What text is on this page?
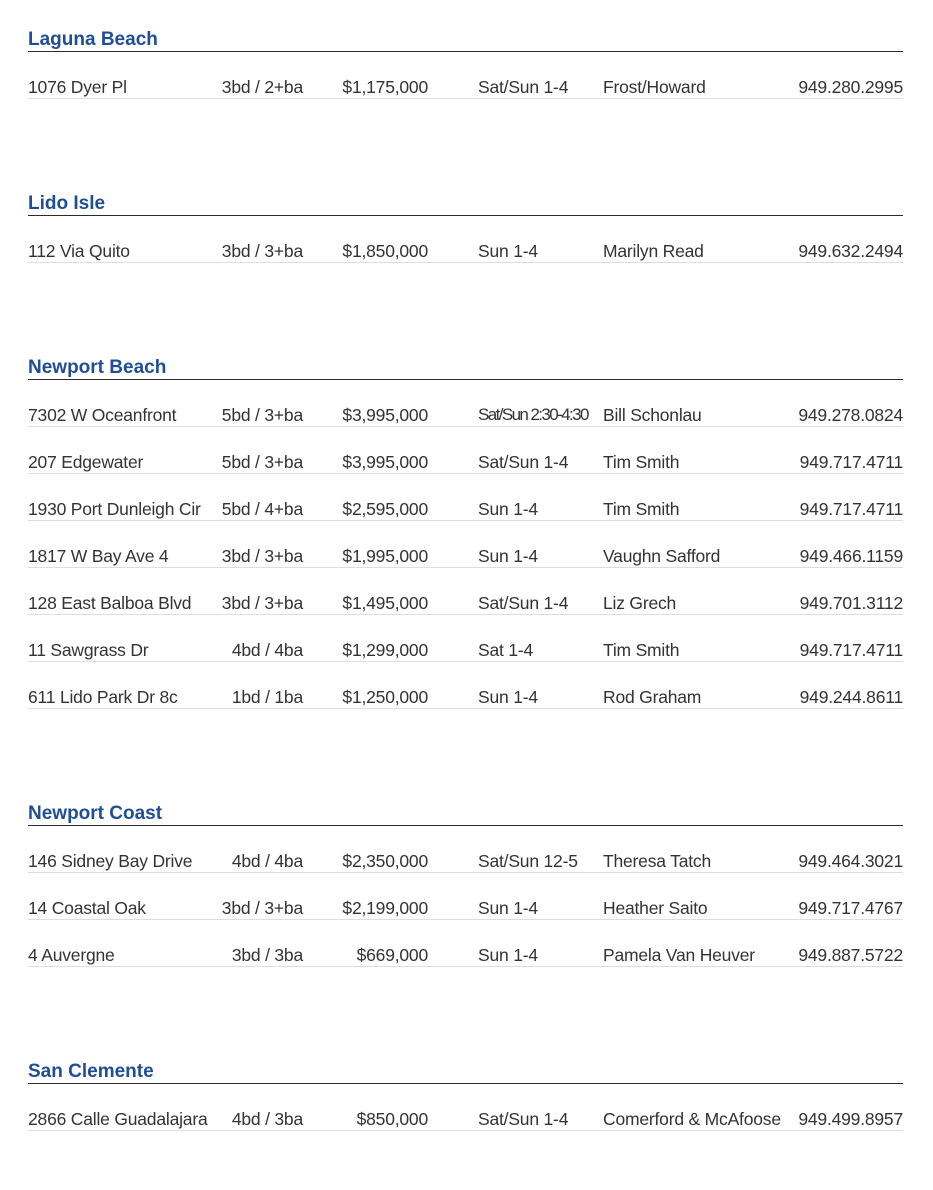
Laguna Beach
1076 Dyer Pl	3bd / 2+ba $1,175,000	Sat/Sun 1-4 Frost/Howard	949.280.2995
Lido Isle
112 Via Quito	3bd / 3+ba $1,850,000	Sun 1-4	Marilyn Read	949.632.2494
Newport Beach
7302 W Oceanfront	5bd / 3+ba $3,995,000	Sat/Sun 2:30-4:30 Bill Schonlau	949.278.0824
207 Edgewater	5bd / 3+ba $3,995,000	Sat/Sun 1-4 Tim Smith	949.717.4711
1930 Port Dunleigh Cir 5bd / 4+ba $2,595,000	Sun 1-4	Tim Smith	949.717.4711
1817 W Bay Ave 4	3bd / 3+ba $1,995,000	Sun 1-4	Vaughn Safford	949.466.1159
128 East Balboa Blvd 3bd / 3+ba $1,495,000	Sat/Sun 1-4 Liz Grech	949.701.3112
11 Sawgrass Dr	4bd / 4ba $1,299,000	Sat 1-4	Tim Smith	949.717.4711
611 Lido Park Dr 8c	1bd / 1ba $1,250,000	Sun 1-4	Rod Graham	949.244.8611
Newport Coast
146 Sidney Bay Drive 4bd / 4ba $2,350,000	Sat/Sun 12-5 Theresa Tatch	949.464.3021
14 Coastal Oak	3bd / 3+ba $2,199,000	Sun 1-4	Heather Saito	949.717.4767
4 Auvergne	3bd / 3ba	$669,000	Sun 1-4	Pamela Van Heuver 949.887.5722
San Clemente
2866 Calle Guadalajara 4bd / 3ba	$850,000	Sat/Sun 1-4 Comerford & McAfoose 949.499.8957
